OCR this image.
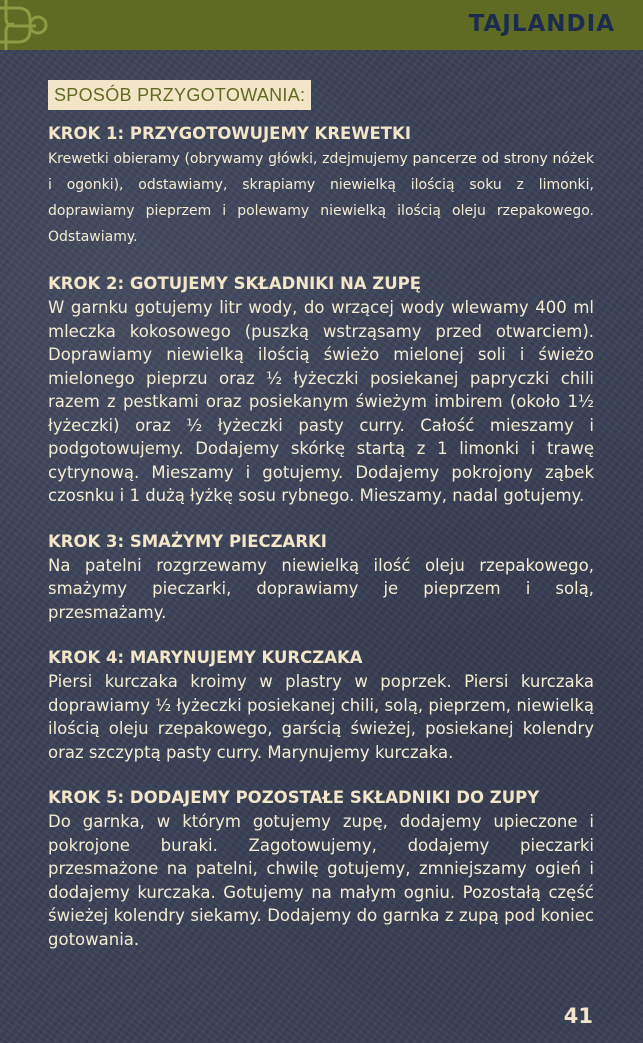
TAJLANDIA
SPOSÓB PRZYGOTOWANIA:
KROK 1: PRZYGOTOWUJEMY KREWETKI

Krewetki obieramy (obrywamy główki, zdejmujemy pancerze od strony nóżek i ogonki), odstawiamy, skrapiamy niewielką ilością soku z limonki, doprawiamy pieprzem i polewamy niewielką ilością oleju rzepakowego. Odstawiamy.

KROK 2: GOTUJEMY SKŁADNIKI NA ZUPĘ

W garnku gotujemy litr wody, do wrzącej wody wlewamy 400 ml mleczka kokosowego (puszką wstrząsamy przed otwarciem). Doprawiamy niewielką ilością świeżo mielonej soli i świeżo mielonego pieprzu oraz ½ łyżeczki posiekanej papryczki chili razem z pestkami oraz posiekanym świeżym imbirem (około 1½ łyżeczki) oraz ½ łyżeczki pasty curry. Całość mieszamy i podgotowujemy. Dodajemy skórkę startą z 1 limonki i trawę cytrynową. Mieszamy i gotujemy. Dodajemy pokrojony ząbek czosnku i 1 dużą łyżkę sosu rybnego. Mieszamy, nadal gotujemy.

KROK 3: SMAŻYMY PIECZARKI

Na patelni rozgrzewamy niewielką ilość oleju rzepakowego, smażymy pieczarki, doprawiamy je pieprzem i solą, przesmażamy.

KROK 4: MARYNUJEMY KURCZAKA

Piersi kurczaka kroimy w plastry w poprzek. Piersi kurczaka doprawiamy ½ łyżeczki posiekanej chili, solą, pieprzem, niewielką ilością oleju rzepakowego, garścią świeżej, posiekanej kolendry oraz szczyptą pasty curry. Marynujemy kurczaka.

KROK 5: DODAJEMY POZOSTAŁE SKŁADNIKI DO ZUPY

Do garnka, w którym gotujemy zupę, dodajemy upieczone i pokrojone buraki. Zagotowujemy, dodajemy pieczarki przesmażone na patelni, chwilę gotujemy, zmniejszamy ogień i dodajemy kurczaka. Gotujemy na małym ogniu. Pozostałą część świeżej kolendry siekamy. Dodajemy do garnka z zupą pod koniec gotowania.

41
